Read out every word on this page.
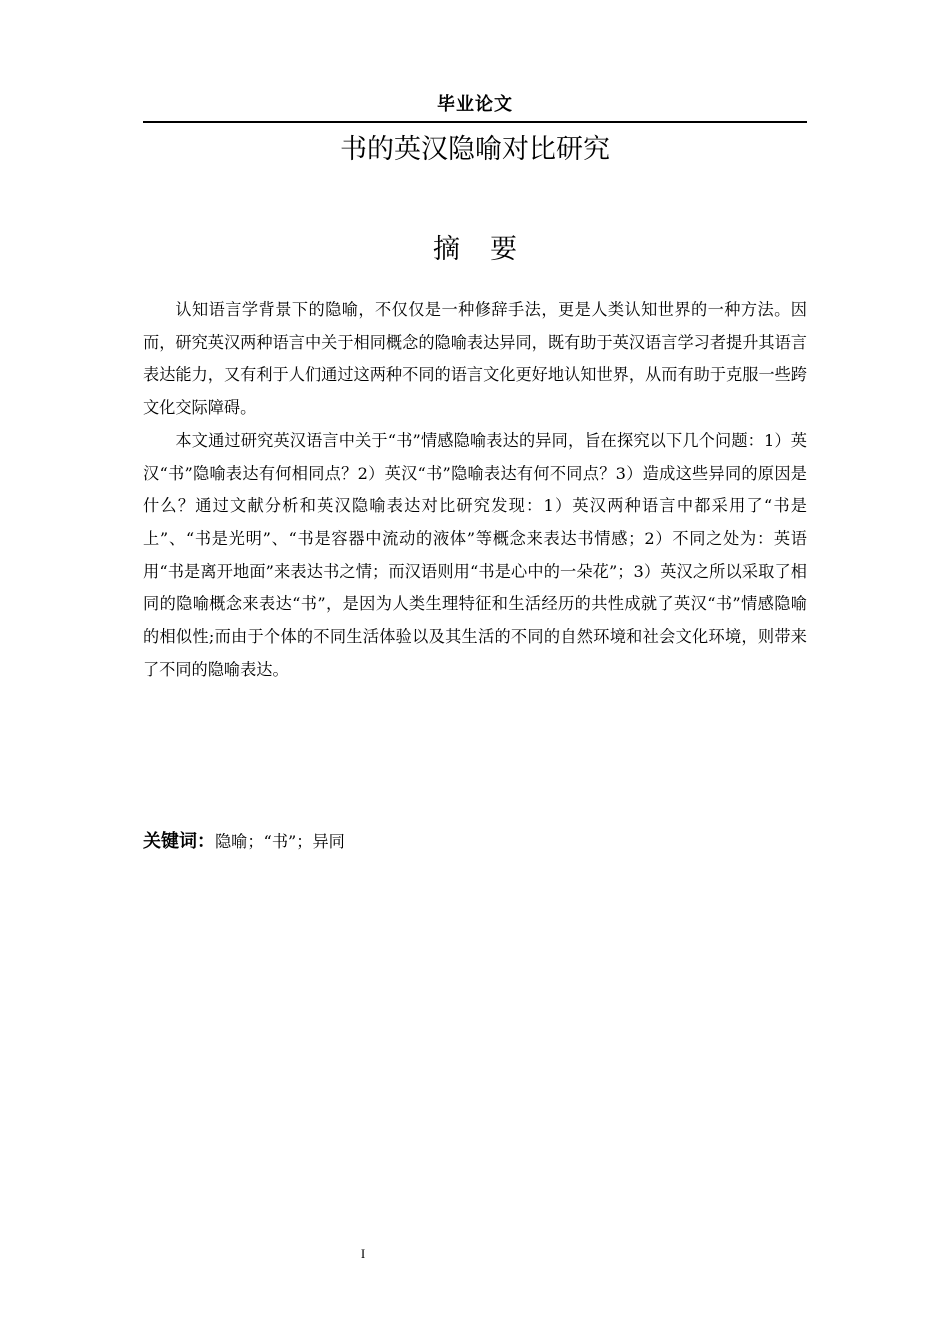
毕业论文
书的英汉隐喻对比研究
摘要

认知语言学背景下的隐喻，不仅仅是一种修辞手法，更是人类认知世界的一种方法。因而，研究英汉两种语言中关于相同概念的隐喻表达异同，既有助于英汉语言学习者提升其语言表达能力，又有利于人们通过这两种不同的语言文化更好地认知世界，从而有助于克服一些跨文化交际障碍。

本文通过研究英汉语言中关于“书”情感隐喻表达的异同，旨在探究以下几个问题：1）英汉“书”隐喻表达有何相同点？2）英汉“书”隐喻表达有何不同点？3）造成这些异同的原因是什么？通过文献分析和英汉隐喻表达对比研究发现：1）英汉两种语言中都采用了“书是上”、“书是光明”、“书是容器中流动的液体”等概念来表达书情感；2）不同之处为：英语用“书是离开地面”来表达书之情；而汉语则用“书是心中的一朵花”；3）英汉之所以采取了相同的隐喻概念来表达“书”，是因为人类生理特征和生活经历的共性成就了英汉“书”情感隐喻的相似性;而由于个体的不同生活体验以及其生活的不同的自然环境和社会文化环境，则带来了不同的隐喻表达。

关键词：隐喻；“书”；异同
I
